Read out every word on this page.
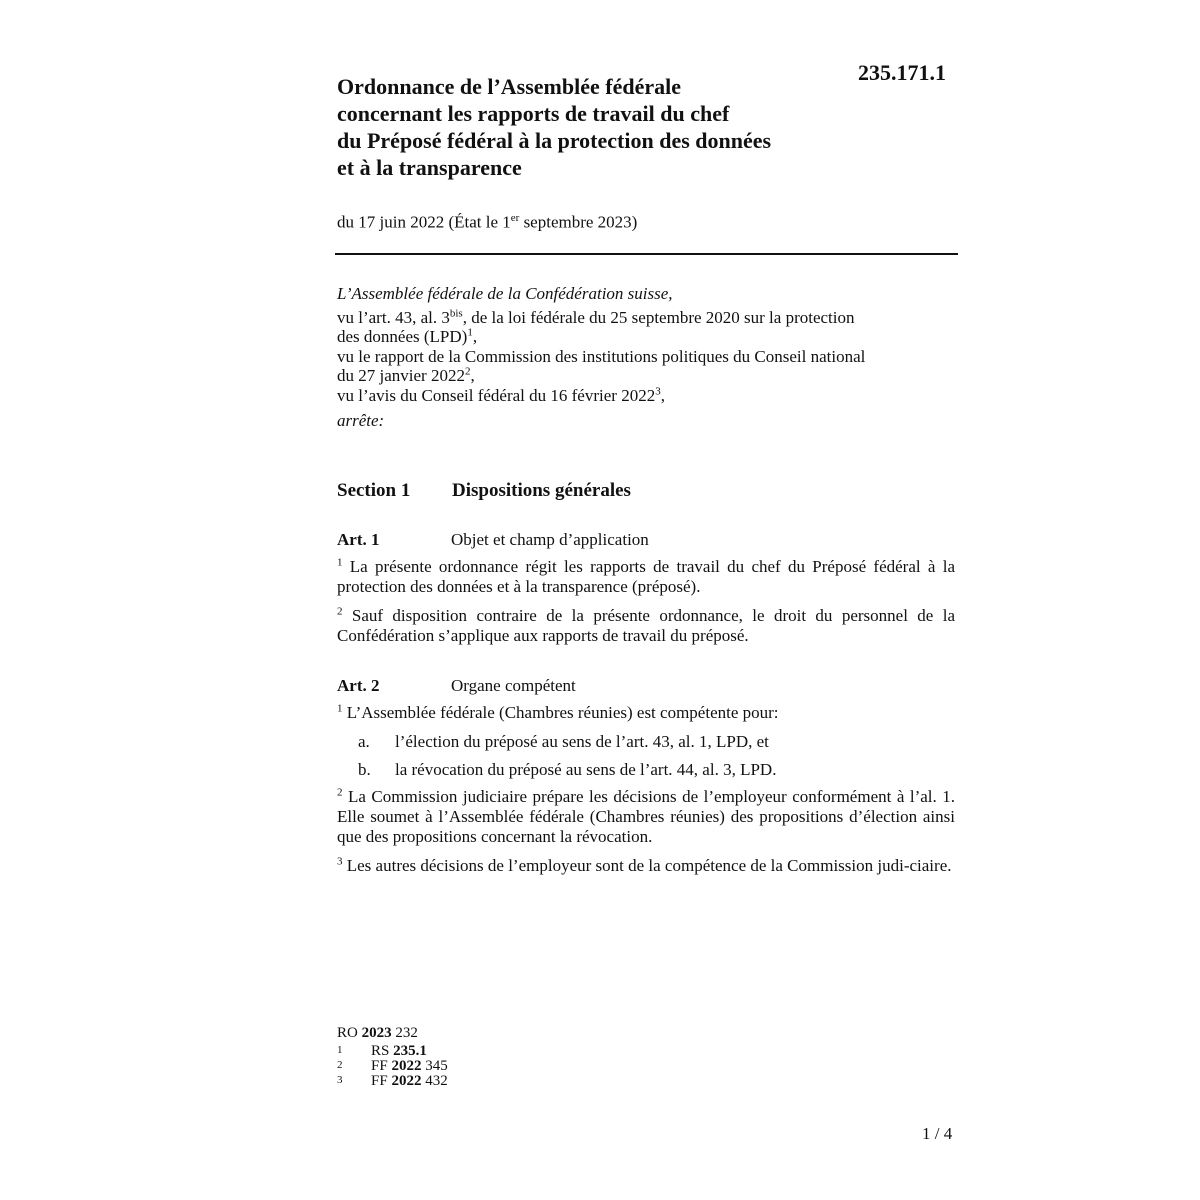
235.171.1
Ordonnance de l’Assemblée fédérale
concernant les rapports de travail du chef
du Préposé fédéral à la protection des données
et à la transparence
du 17 juin 2022 (État le 1er septembre 2023)
L’Assemblée fédérale de la Confédération suisse,
vu l’art. 43, al. 3$^{bis}$, de la loi fédérale du 25 septembre 2020 sur la protection
des données (LPD)$^1$,
vu le rapport de la Commission des institutions politiques du Conseil national
du 27 janvier 2022$^2$,
vu l’avis du Conseil fédéral du 16 février 2022$^3$,
arrête:
Section 1 Dispositions générales
Art. 1	Objet et champ d’application
$^1$ La présente ordonnance régit les rapports de travail du chef du Préposé fédéral à la protection des données et à la transparence (préposé).
$^2$ Sauf disposition contraire de la présente ordonnance, le droit du personnel de la Confédération s’applique aux rapports de travail du préposé.
Art. 2	Organe compétent
$^1$ L’Assemblée fédérale (Chambres réunies) est compétente pour:
a. l’élection du préposé au sens de l’art. 43, al. 1, LPD, et
b. la révocation du préposé au sens de l’art. 44, al. 3, LPD.
$^2$ La Commission judiciaire prépare les décisions de l’employeur conformément à l’al. 1. Elle soumet à l’Assemblée fédérale (Chambres réunies) des propositions d’élection ainsi que des propositions concernant la révocation.
$^3$ Les autres décisions de l’employeur sont de la compétence de la Commission judi-ciaire.
RO 2023 232
1 RS 235.1
2 FF 2022 345
3 FF 2022 432
1 / 4
